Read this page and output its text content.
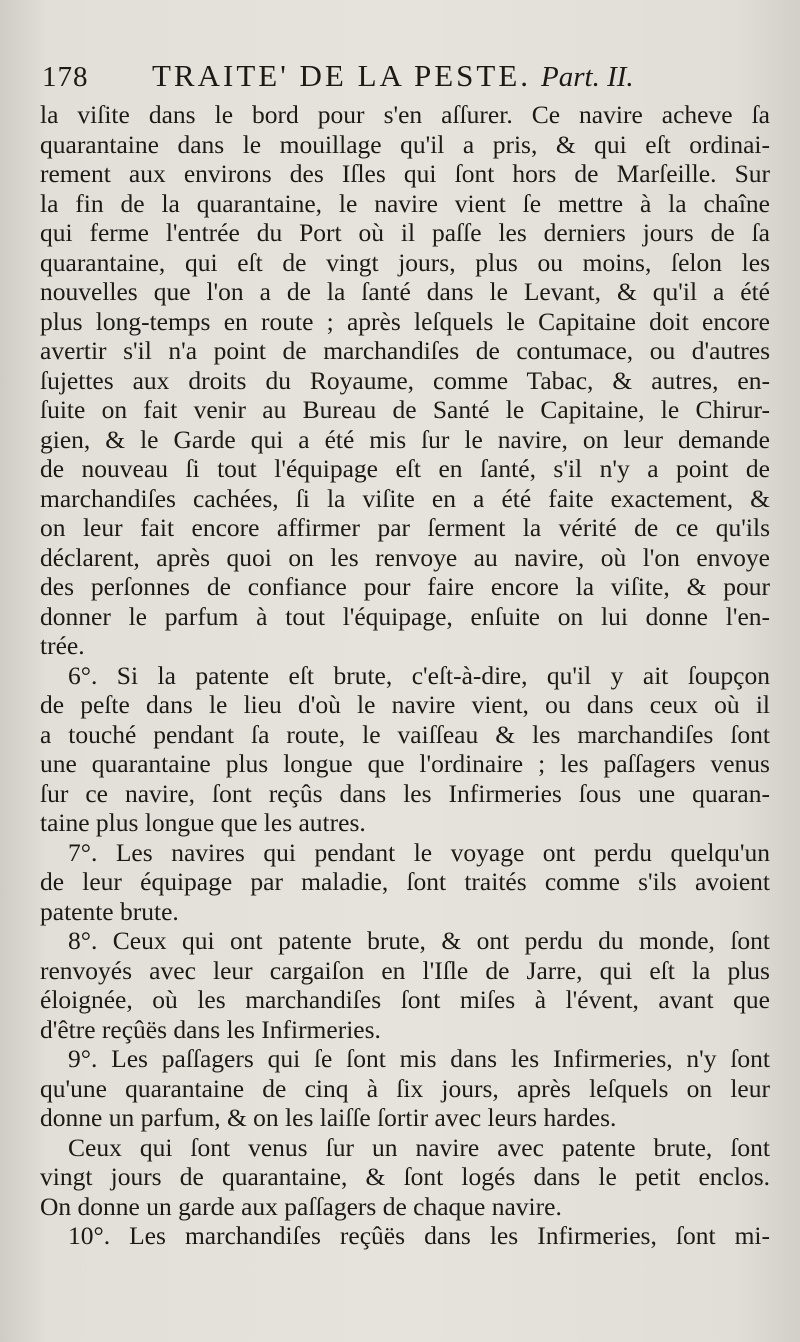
178	TRAITE' DE LA PESTE. Part. II.
la viſite dans le bord pour s'en aſſurer. Ce navire acheve ſa
quarantaine dans le mouillage qu'il a pris, & qui eſt ordinai-
rement aux environs des Iſles qui ſont hors de Marſeille. Sur
la fin de la quarantaine, le navire vient ſe mettre à la chaîne
qui ferme l'entrée du Port où il paſſe les derniers jours de ſa
quarantaine, qui eſt de vingt jours, plus ou moins, ſelon les
nouvelles que l'on a de la ſanté dans le Levant, & qu'il a été
plus long-temps en route ; après leſquels le Capitaine doit encore
avertir s'il n'a point de marchandiſes de contumace, ou d'autres
ſujettes aux droits du Royaume, comme Tabac, & autres, en-
ſuite on fait venir au Bureau de Santé le Capitaine, le Chirur-
gien, & le Garde qui a été mis ſur le navire, on leur demande
de nouveau ſi tout l'équipage eſt en ſanté, s'il n'y a point de
marchandiſes cachées, ſi la viſite en a été faite exactement, &
on leur fait encore affirmer par ſerment la vérité de ce qu'ils
déclarent, après quoi on les renvoye au navire, où l'on envoye
des perſonnes de confiance pour faire encore la viſite, & pour
donner le parfum à tout l'équipage, enſuite on lui donne l'en-
trée.
6°. Si la patente eſt brute, c'eſt-à-dire, qu'il y ait ſoupçon
de peſte dans le lieu d'où le navire vient, ou dans ceux où il
a touché pendant ſa route, le vaiſſeau & les marchandiſes ſont
une quarantaine plus longue que l'ordinaire ; les paſſagers venus
ſur ce navire, ſont reçûs dans les Infirmeries ſous une quaran-
taine plus longue que les autres.
7°. Les navires qui pendant le voyage ont perdu quelqu'un
de leur équipage par maladie, ſont traités comme s'ils avoient
patente brute.
8°. Ceux qui ont patente brute, & ont perdu du monde, ſont
renvoyés avec leur cargaiſon en l'Iſle de Jarre, qui eſt la plus
éloignée, où les marchandiſes ſont miſes à l'évent, avant que
d'être reçûës dans les Infirmeries.
9°. Les paſſagers qui ſe ſont mis dans les Infirmeries, n'y ſont
qu'une quarantaine de cinq à ſix jours, après leſquels on leur
donne un parfum, & on les laiſſe ſortir avec leurs hardes.
Ceux qui ſont venus ſur un navire avec patente brute, ſont
vingt jours de quarantaine, & ſont logés dans le petit enclos.
On donne un garde aux paſſagers de chaque navire.
10°. Les marchandiſes reçûës dans les Infirmeries, ſont mi-
